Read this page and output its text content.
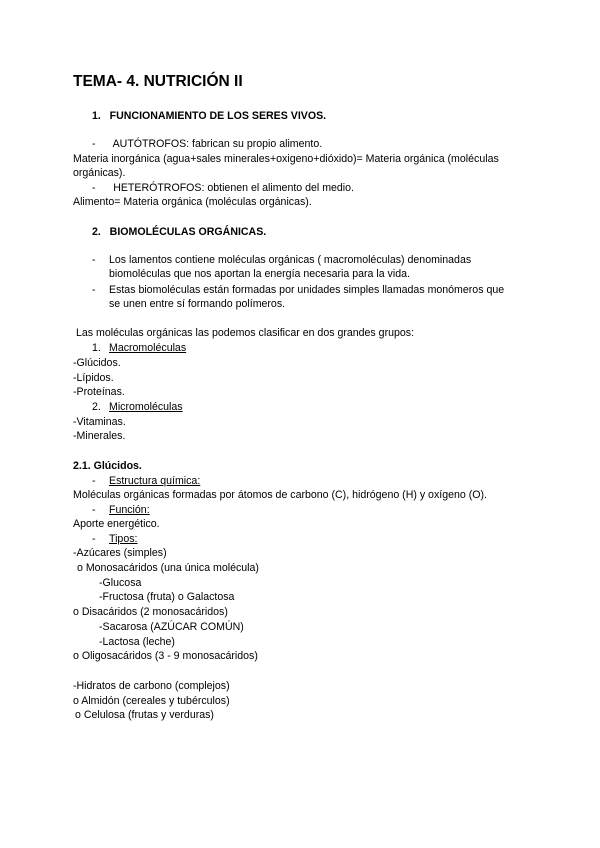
TEMA- 4. NUTRICIÓN II
1.   FUNCIONAMIENTO DE LOS SERES VIVOS.
-      AUTÓTROFOS: fabrican su propio alimento.
Materia inorgánica (agua+sales minerales+oxigeno+dióxido)= Materia orgánica (moléculas
orgánicas).
-      HETERÓTROFOS: obtienen el alimento del medio.
Alimento= Materia orgánica (moléculas orgánicas).
2.   BIOMOLÉCULAS ORGÁNICAS.
- Los lamentos contiene moléculas orgánicas ( macromoléculas) denominadas
biomoléculas que nos aportan la energía necesaria para la vida.
- Estas biomoléculas están formadas por unidades simples llamadas monómeros que
se unen entre sí formando polímeros.
Las moléculas orgánicas las podemos clasificar en dos grandes grupos:
1. Macromoléculas
-Glúcidos.
-Lípidos.
-Proteínas.
2. Micromoléculas
-Vitaminas.
-Minerales.
2.1. Glúcidos.
- Estructura química:
Moléculas orgánicas formadas por átomos de carbono (C), hidrógeno (H) y oxígeno (O).
- Función:
Aporte energético.
- Tipos:
-Azúcares (simples)
o Monosacáridos (una única molécula)
-Glucosa
-Fructosa (fruta) o Galactosa
o Disacáridos (2 monosacáridos)
-Sacarosa (AZÚCAR COMÚN)
-Lactosa (leche)
o Oligosacáridos (3 - 9 monosacáridos)
-Hidratos de carbono (complejos)
o Almidón (cereales y tubérculos)
o Celulosa (frutas y verduras)
